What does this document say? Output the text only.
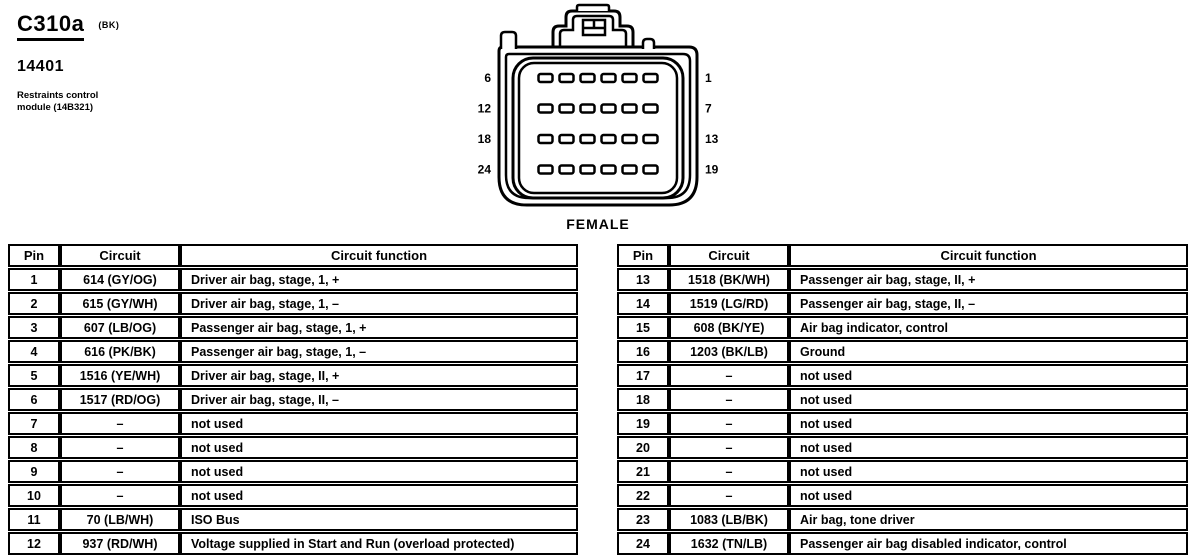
C310a (BK)
14401
Restraints control
module (14B321)
6
12
18
24
1
7
13
19
FEMALE
Pin	Circuit	Circuit function
1	614 (GY/OG)	Driver air bag, stage, 1, +
2	615 (GY/WH)	Driver air bag, stage, 1, –
3	607 (LB/OG)	Passenger air bag, stage, 1, +
4	616 (PK/BK)	Passenger air bag, stage, 1, –
5	1516 (YE/WH)	Driver air bag, stage, II, +
6	1517 (RD/OG)	Driver air bag, stage, II, –
7	–	not used
8	–	not used
9	–	not used
10	–	not used
11	70 (LB/WH)	ISO Bus
12	937 (RD/WH)	Voltage supplied in Start and Run (overload protected)
Pin	Circuit	Circuit function
13	1518 (BK/WH)	Passenger air bag, stage, II, +
14	1519 (LG/RD)	Passenger air bag, stage, II, –
15	608 (BK/YE)	Air bag indicator, control
16	1203 (BK/LB)	Ground
17	–	not used
18	–	not used
19	–	not used
20	–	not used
21	–	not used
22	–	not used
23	1083 (LB/BK)	Air bag, tone driver
24	1632 (TN/LB)	Passenger air bag disabled indicator, control
